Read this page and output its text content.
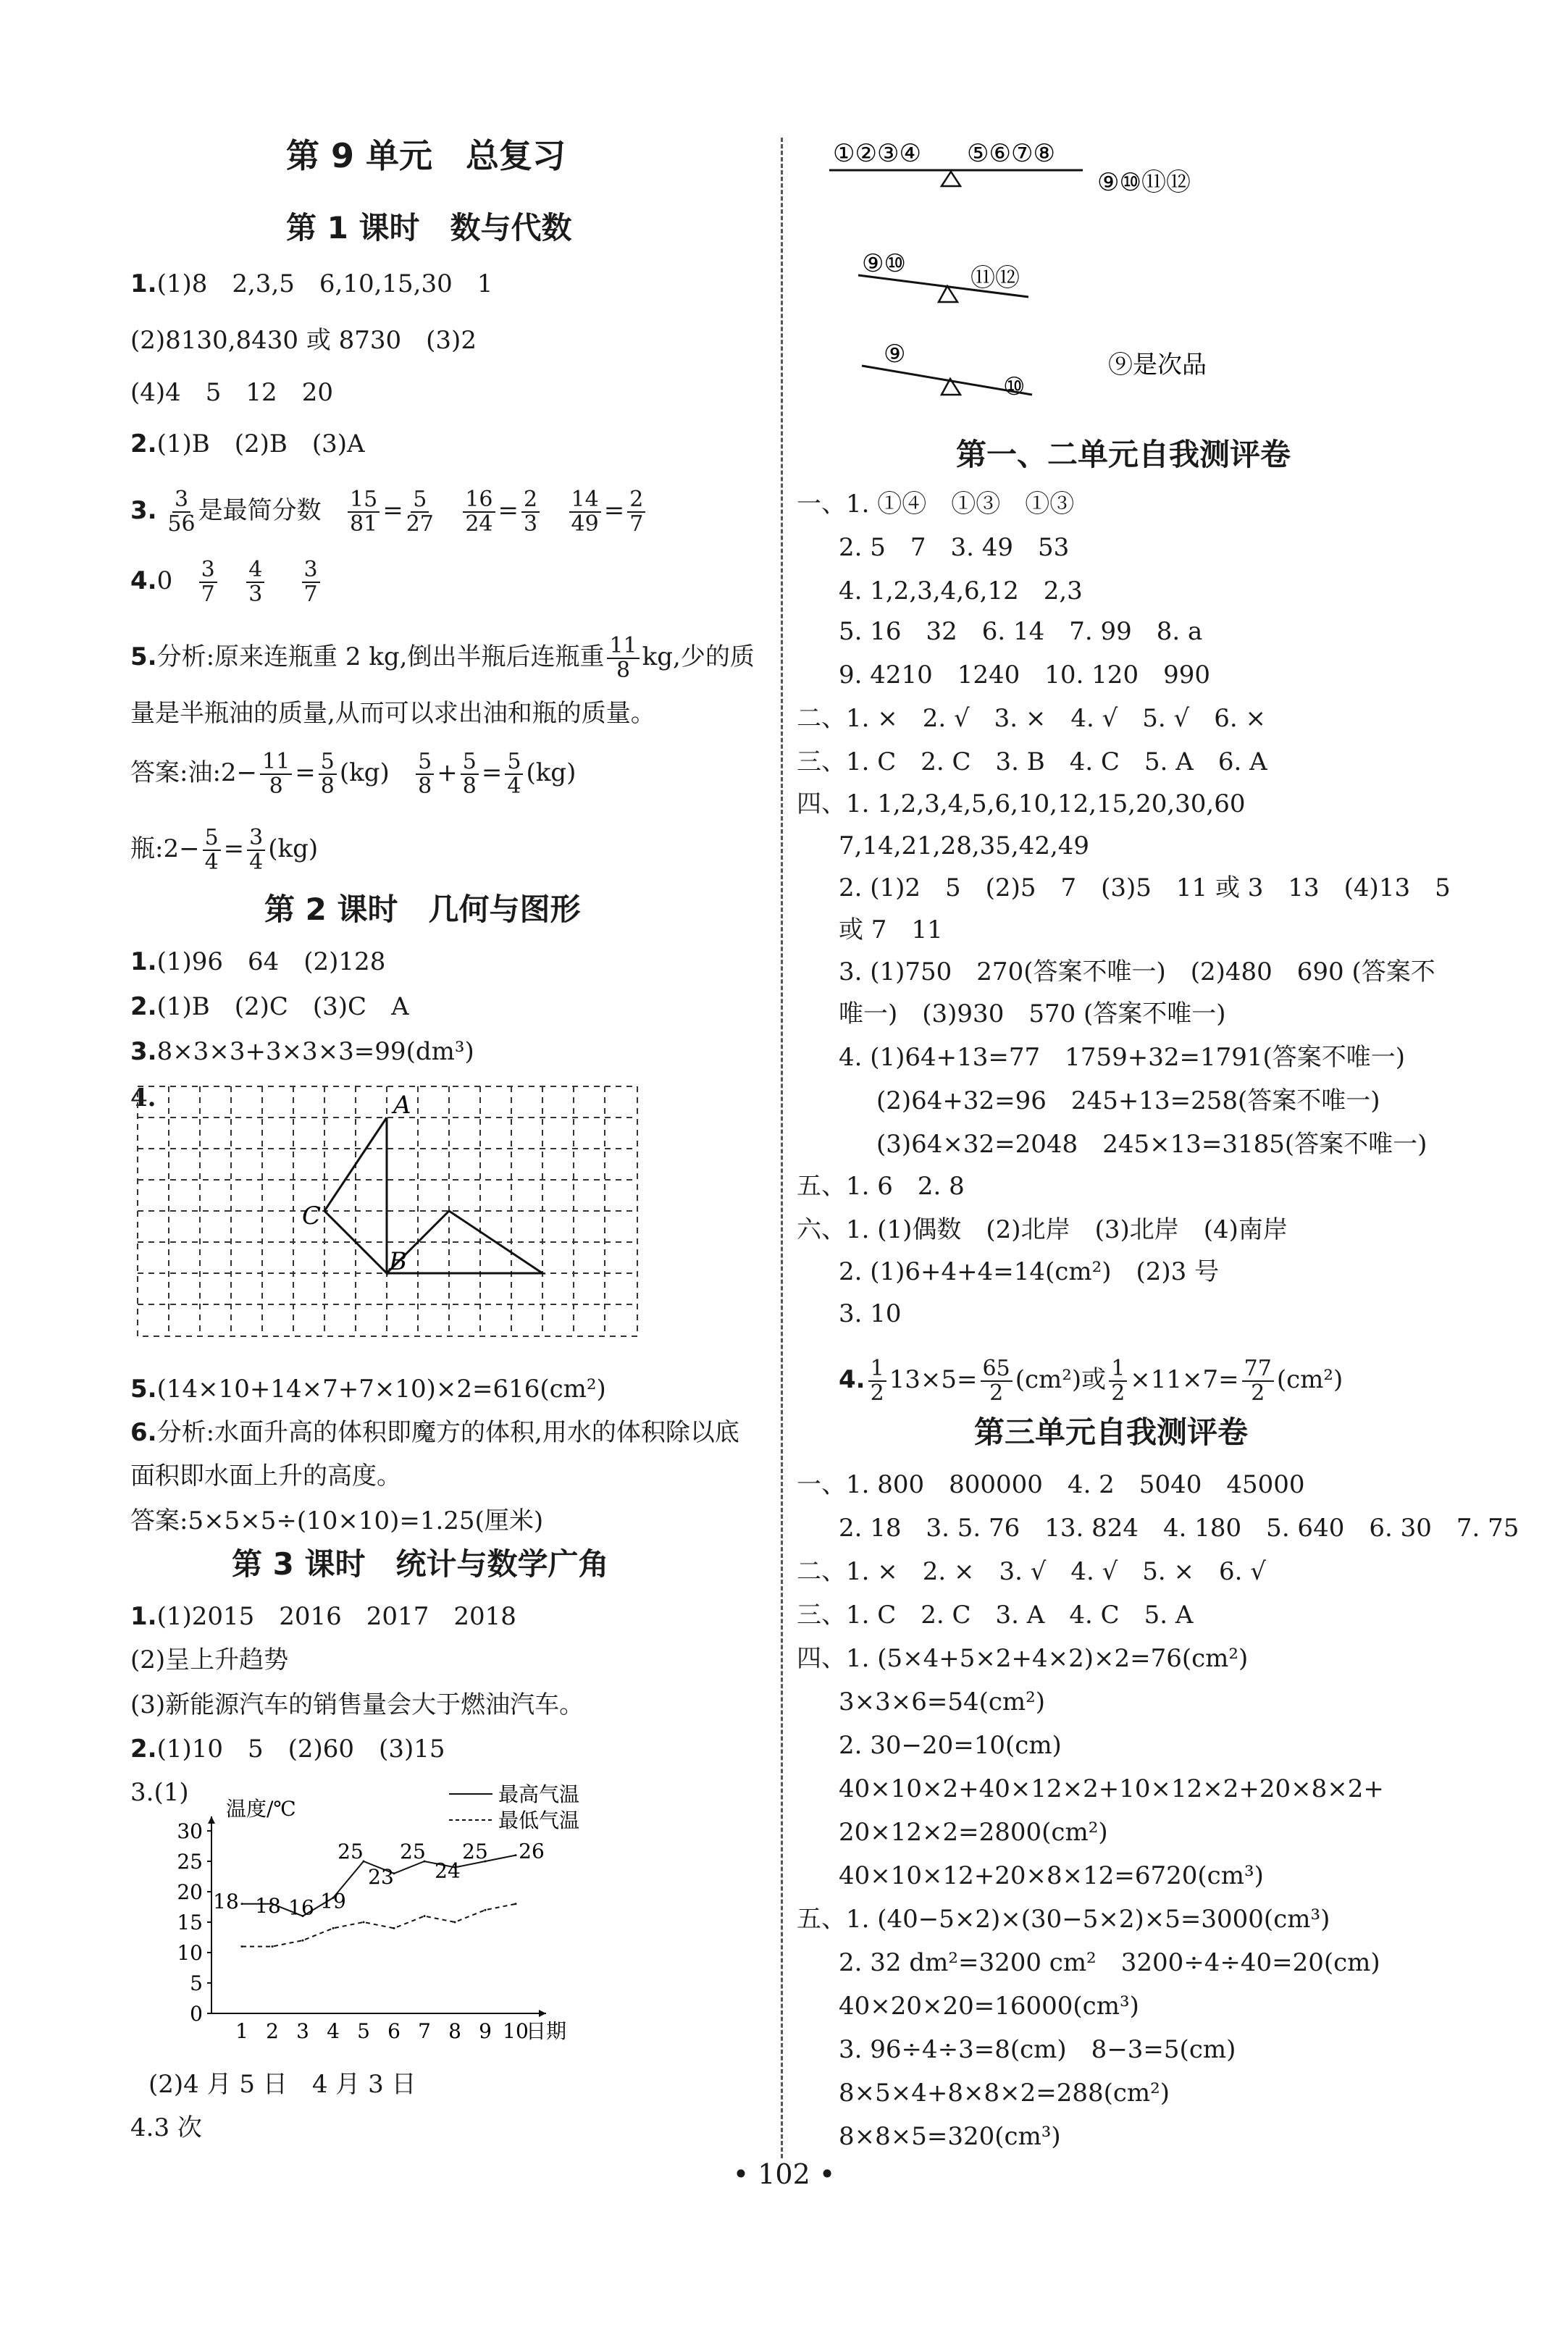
第 9 单元　总复习
第 1 课时　数与代数
1.(1)8　2,3,5　6,10,15,30　1
(2)8130,8430 或 8730　(3)2
(4)4　5　12　20
2.(1)B　(2)B　(3)A
3. $\frac{3}{56}$ 是最简分数 $\frac{15}{81} = \frac{5}{27}$
$\frac{16}{24} = \frac{2}{3}$
$\frac{14}{49} = \frac{2}{7}$
$4.0 \frac{3}{7}$
$\frac{4}{3}$
$\frac{3}{7}$
5.分析:原来连瓶重 2 kg,倒出半瓶后连瓶重 $\frac{11}{8}$ kg,少的质
量是半瓶油的质量,从而可以求出油和瓶的质量。
答案:油:2− $\frac{11}{8} = \frac{5}{8} (kg) \frac{5}{8} + \frac{5}{8} = \frac{5}{4} (kg)$
瓶:2− $\frac{5}{4} = \frac{3}{4} (kg)$
第 2 课时　几何与图形
1.(1)96　64　(2)128
2.(1)B　(2)C　(3)C　A
3.8×3×3+3×3×3=99(dm³)
4.	A
C
B
5.(14×10+14×7+7×10)×2=616(cm²)
6.分析:水面升高的体积即魔方的体积,用水的体积除以底
面积即水面上升的高度。
答案:5×5×5÷(10×10)=1.25(厘米)
第 3 课时　统计与数学广角
1.(1)2015　2016　2017　2018
(2)呈上升趋势
(3)新能源汽车的销售量会大于燃油汽车。
2.(1)10　5　(2)60　(3)15
3.(1)
温度/℃
最高气温
最低气温
0
5
10
15
20
25
30
1 2 3 4 5 6 7 8 9 10
日期
18 18 16 19
25
23
25
24
25 26
(2)4 月 5 日　4 月 3 日
4.3 次
①②③④ ⑤⑥⑦⑧
⑨⑩⑪⑫
⑨⑩	⑪⑫
⑨
⑩
⑨是次品
第一、二单元自我测评卷
一、1. ①④　①③　①③
2. 5　7　3. 49　53
4. 1,2,3,4,6,12　2,3
5. 16　32　6. 14　7. 99　8. a
9. 4210　1240　10. 120　990
二、1. ×　2. √　3. ×　4. √　5. √　6. ×
三、1. C　2. C　3. B　4. C　5. A　6. A
四、1. 1,2,3,4,5,6,10,12,15,20,30,60
7,14,21,28,35,42,49
2. (1)2　5　(2)5　7　(3)5　11 或 3　13　(4)13　5
或 7　11
3. (1)750　270(答案不唯一)　(2)480　690 (答案不
唯一)　(3)930　570 (答案不唯一)
4. (1)64+13=77　1759+32=1791(答案不唯一)
(2)64+32=96　245+13=258(答案不唯一)
(3)64×32=2048　245×13=3185(答案不唯一)
五、1. 6　2. 8
六、1. (1)偶数　(2)北岸　(3)北岸　(4)南岸
2. (1)6+4+4=14(cm²)　(2)3 号
3. 10
4. $\frac{1}{2} 13\times 5= \frac{65}{2} (cm^2)$或 $\frac{1}{2} \times 11\times 7= \frac{77}{2} (cm^2)$
第三单元自我测评卷
一、1. 800　800000　4. 2　5040　45000
2. 18　3. 5. 76　13. 824　4. 180　5. 640　6. 30　7. 75
二、1. ×　2. ×　3. √　4. √　5. ×　6. √
三、1. C　2. C　3. A　4. C　5. A
四、1. (5×4+5×2+4×2)×2=76(cm²)
3×3×6=54(cm²)
2. 30−20=10(cm)
40×10×2+40×12×2+10×12×2+20×8×2+
20×12×2=2800(cm²)
40×10×12+20×8×12=6720(cm³)
五、1. (40−5×2)×(30−5×2)×5=3000(cm³)
2. 32 dm²=3200 cm²　3200÷4÷40=20(cm)
40×20×20=16000(cm³)
3. 96÷4÷3=8(cm)　8−3=5(cm)
8×5×4+8×8×2=288(cm²)
8×8×5=320(cm³)
• 102 •
